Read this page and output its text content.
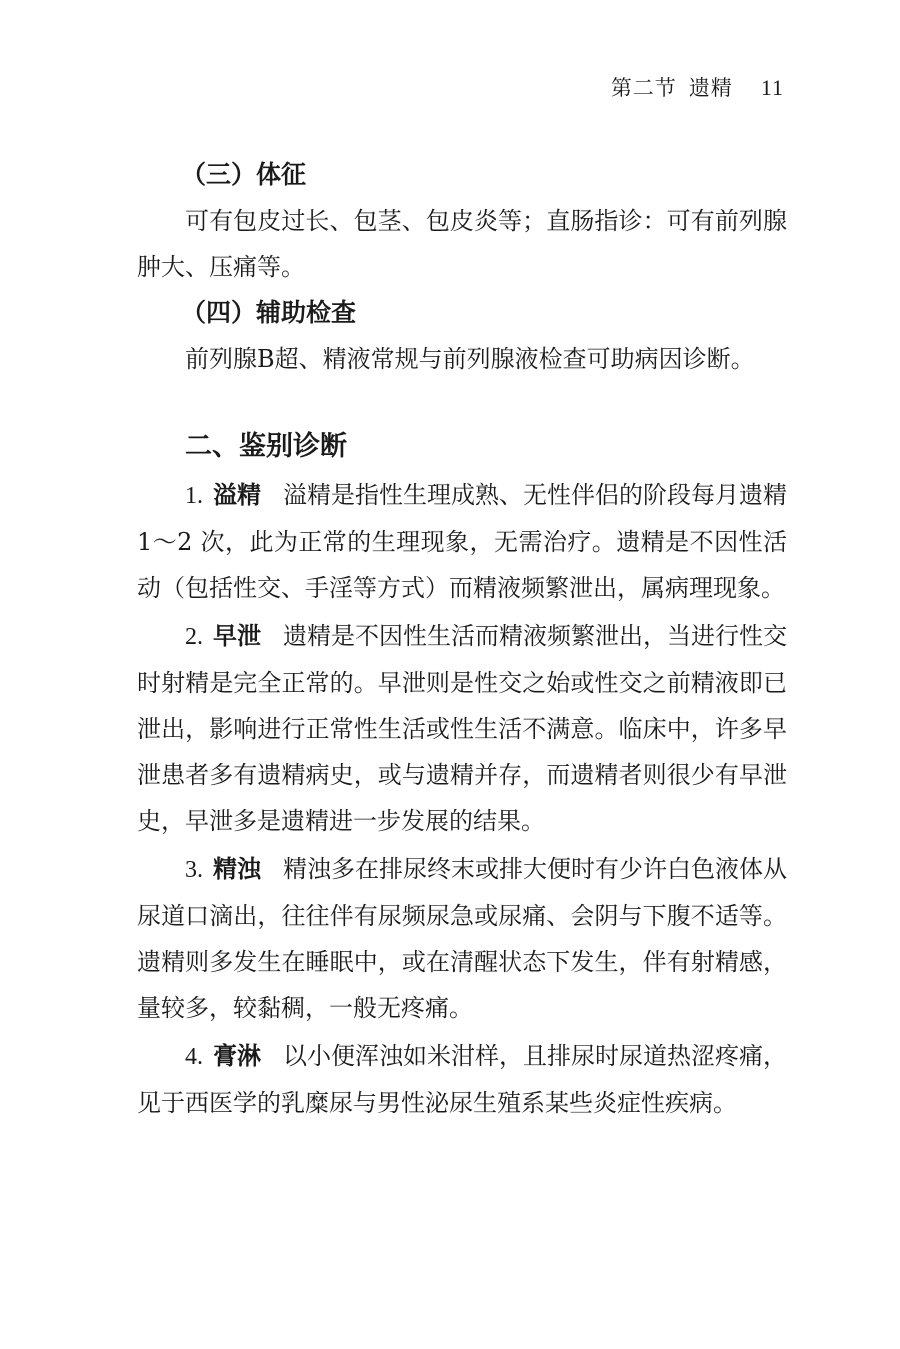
第二节 遗精 11
（三）体征

可有包皮过长、包茎、包皮炎等；直肠指诊：可有前列腺肿大、压痛等。

（四）辅助检查

前列腺B超、精液常规与前列腺液检查可助病因诊断。

二、鉴别诊断

1. 溢精 溢精是指性生理成熟、无性伴侣的阶段每月遗精 1～2 次，此为正常的生理现象，无需治疗。遗精是不因性活动（包括性交、手淫等方式）而精液频繁泄出，属病理现象。

2. 早泄 遗精是不因性生活而精液频繁泄出，当进行性交时射精是完全正常的。早泄则是性交之始或性交之前精液即已泄出，影响进行正常性生活或性生活不满意。临床中，许多早泄患者多有遗精病史，或与遗精并存，而遗精者则很少有早泄史，早泄多是遗精进一步发展的结果。

3. 精浊 精浊多在排尿终末或排大便时有少许白色液体从尿道口滴出，往往伴有尿频尿急或尿痛、会阴与下腹不适等。遗精则多发生在睡眠中，或在清醒状态下发生，伴有射精感，量较多，较黏稠，一般无疼痛。

4. 膏淋 以小便浑浊如米泔样，且排尿时尿道热涩疼痛，见于西医学的乳糜尿与男性泌尿生殖系某些炎症性疾病。
